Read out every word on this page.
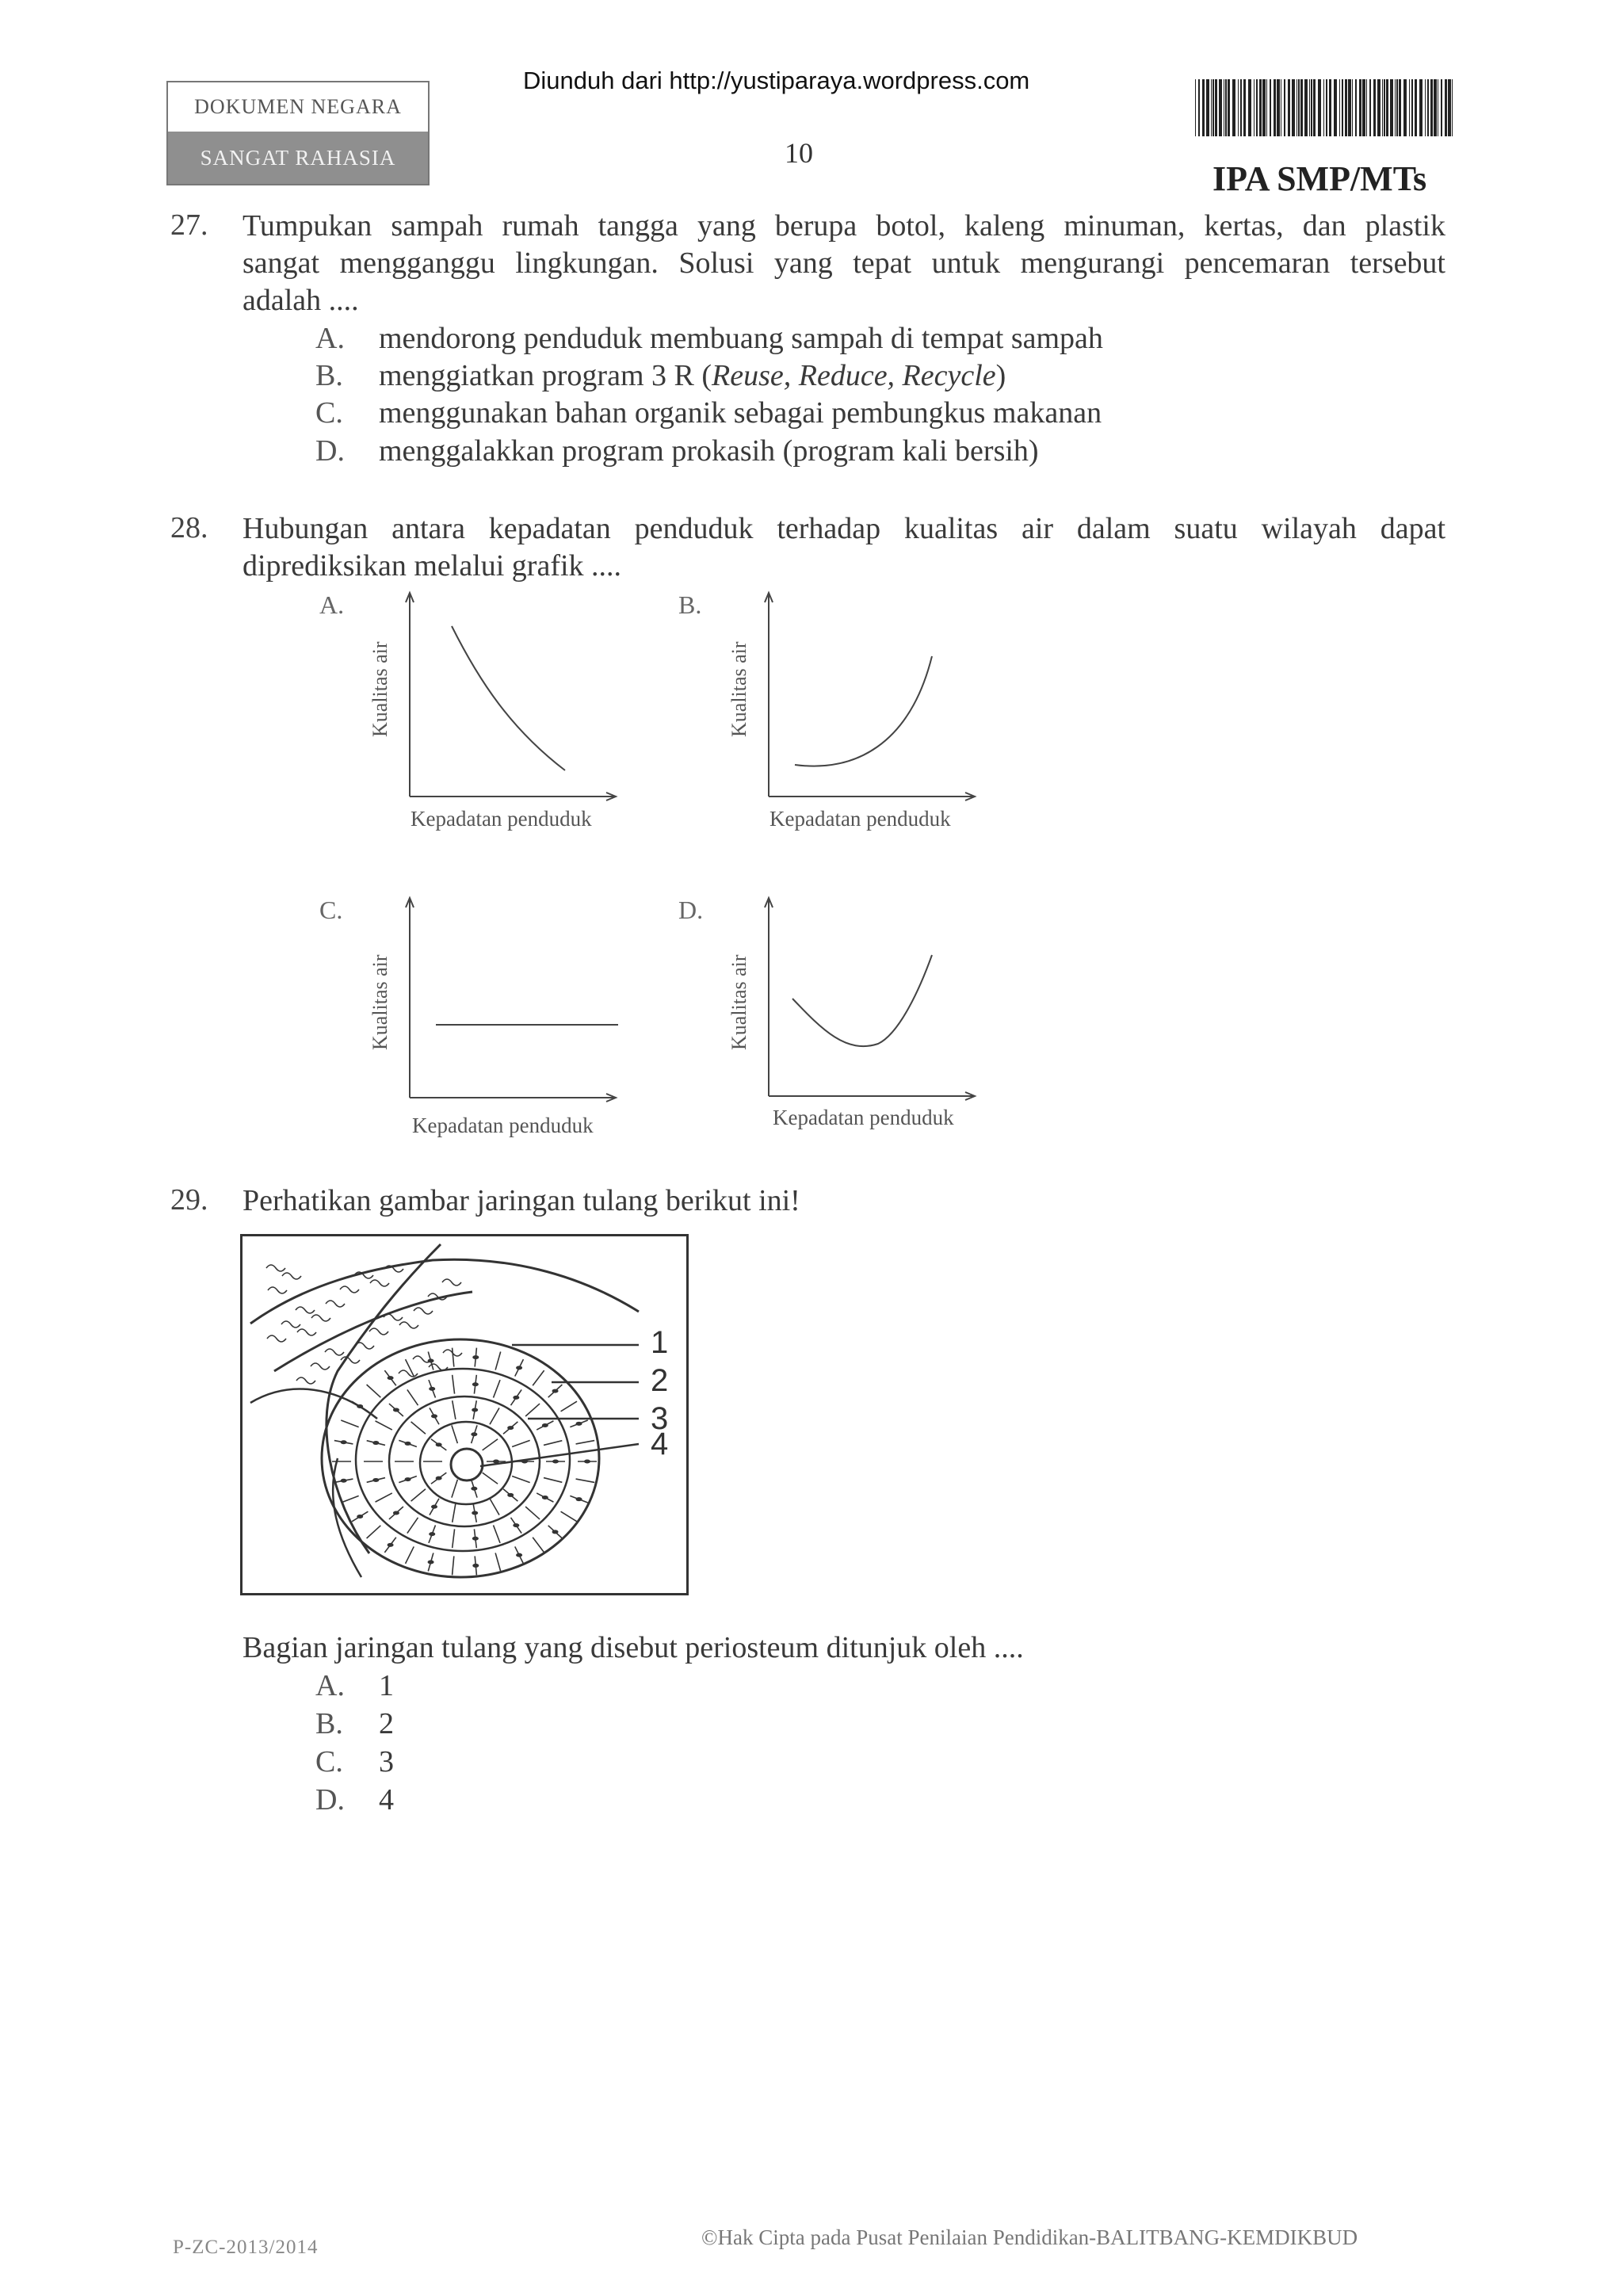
DOKUMEN NEGARA
SANGAT RAHASIA
Diunduh dari http://yustiparaya.wordpress.com
10
IPA SMP/MTs
27. Tumpukan sampah rumah tangga yang berupa botol, kaleng minuman, kertas, dan plastik
sangat mengganggu lingkungan. Solusi yang tepat untuk mengurangi pencemaran tersebut
adalah ....
A. mendorong penduduk membuang sampah di tempat sampah
B. menggiatkan program 3 R (Reuse, Reduce, Recycle)
C. menggunakan bahan organik sebagai pembungkus makanan
D. menggalakkan program prokasih (program kali bersih)
28. Hubungan antara kepadatan penduduk terhadap kualitas air dalam suatu wilayah dapat
diprediksikan melalui grafik ....
A.
Kualitas air
Kepadatan penduduk
B.
Kualitas air
Kepadatan penduduk
C.
Kualitas air
Kepadatan penduduk
D.
Kualitas air
Kepadatan penduduk
29. Perhatikan gambar jaringan tulang berikut ini!
1
2
3
4
Bagian jaringan tulang yang disebut periosteum ditunjuk oleh ....
A. 1
B. 2
C. 3
D. 4
P-ZC-2013/2014	©Hak Cipta pada Pusat Penilaian Pendidikan-BALITBANG-KEMDIKBUD
